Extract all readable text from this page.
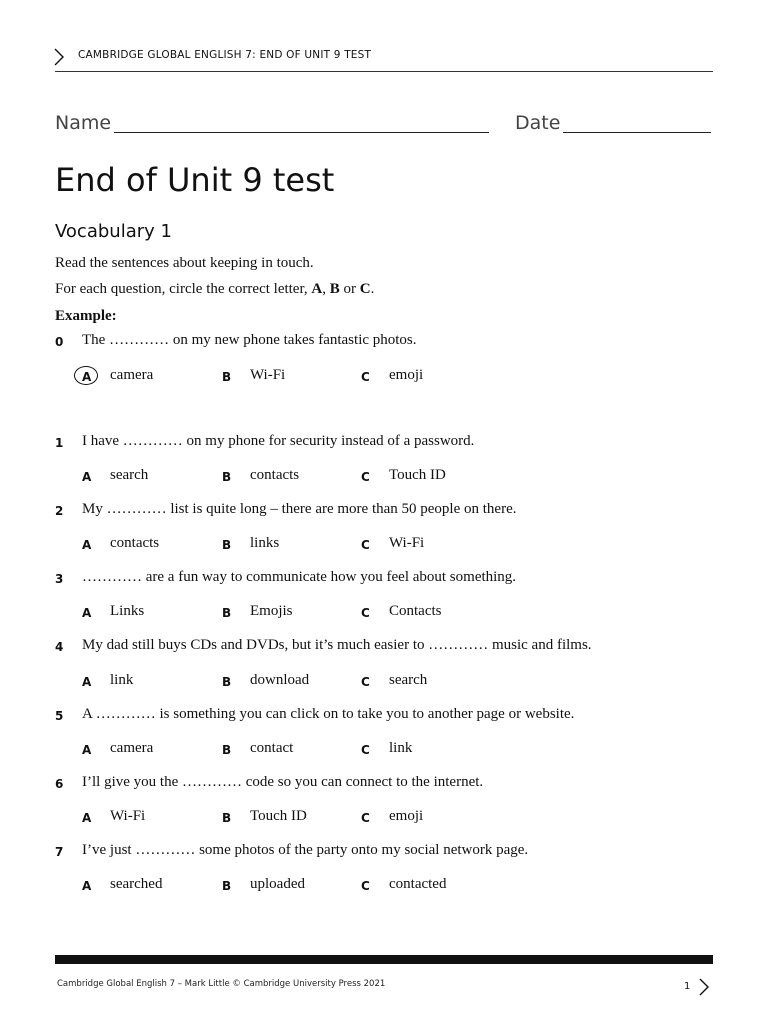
CAMBRIDGE GLOBAL ENGLISH 7: END OF UNIT 9 TEST
Name	Date
End of Unit 9 test
Vocabulary 1
Read the sentences about keeping in touch.
For each question, circle the correct letter, A, B or C.
Example:
0	The ………… on my new phone takes fantastic photos.
A	camera	B	Wi-Fi	C	emoji
1	I have ………… on my phone for security instead of a password.
A	search	B	contacts	C	Touch ID
2	My ………… list is quite long – there are more than 50 people on there.
A	contacts	B	links	C	Wi-Fi
3	………… are a fun way to communicate how you feel about something.
A	Links	B	Emojis	C	Contacts
4	My dad still buys CDs and DVDs, but it’s much easier to ………… music and films.
A	link	B	download	C	search
5	A ………… is something you can click on to take you to another page or website.
A	camera	B	contact	C	link
6	I’ll give you the ………… code so you can connect to the internet.
A	Wi-Fi	B	Touch ID	C	emoji
7	I’ve just ………… some photos of the party onto my social network page.
A	searched	B	uploaded	C	contacted
Cambridge Global English 7 – Mark Little © Cambridge University Press 2021	1
